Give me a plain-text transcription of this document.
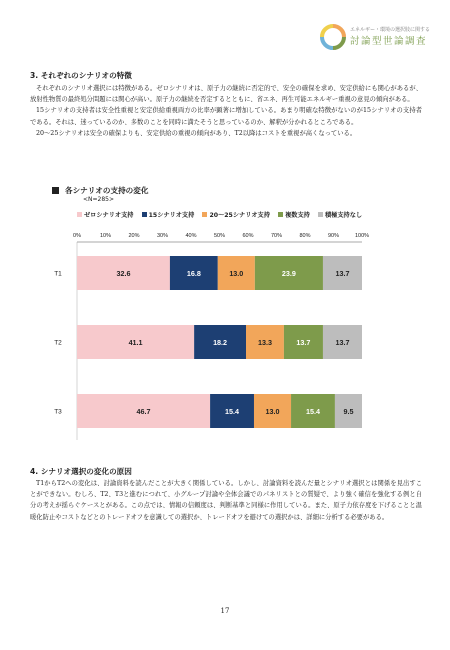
エネルギー・環境の選択肢に関する
討論型世論調査
3. それぞれのシナリオの特徴

それぞれのシナリオ選択には特徴がある。ゼロシナリオは、原子力の継続に否定的で、安全の確保を求め、安定供給にも関心があるが、放射性物質の最終処分問題には関心が高い。原子力の継続を否定するとともに、省エネ、再生可能エネルギー重視の意見の傾向がある。

15シナリオの支持者は安全性重視と安定供給重視両方の比率が顕著に増加している。あまり明確な特徴がないのが15シナリオの支持者である。それは、迷っているのか、多数のことを同時に満たそうと思っているのか、解釈が分かれるところである。

20～25シナリオは安全の確保よりも、安定供給の重視の傾向があり、T2以降はコストを重視が高くなっている。

各シナリオの支持の変化
<N=285>
ゼロシナリオ支持 15シナリオ支持 20～25シナリオ支持 複数支持 積極支持なし
0%	10%	20%	30%	40%	50%	60%	70%	80%	90%	100%
T1	32.6	16.8	13.0	23.9	13.7
T2	41.1	18.2	13.3	13.7	13.7
T3	46.7	15.4	13.0	15.4	9.5
4. シナリオ選択の変化の原因

T1からT2への変化は、討論資料を読んだことが大きく関係している。しかし、討論資料を読んだ量とシナリオ選択とは関係を見出すことができない。むしろ、T2、T3と進むにつれて、小グループ討論や全体会議でのパネリストとの質疑で、より強く確信を強化する例と自分の考えが揺らぐケースとがある。この点では、情報の信頼度は、判断基準と同様に作用している。また、原子力依存度を下げることと温暖化防止やコストなどとのトレードオフを意識しての選択か、トレードオフを避けての選択かは、詳細に分析する必要がある。

17
